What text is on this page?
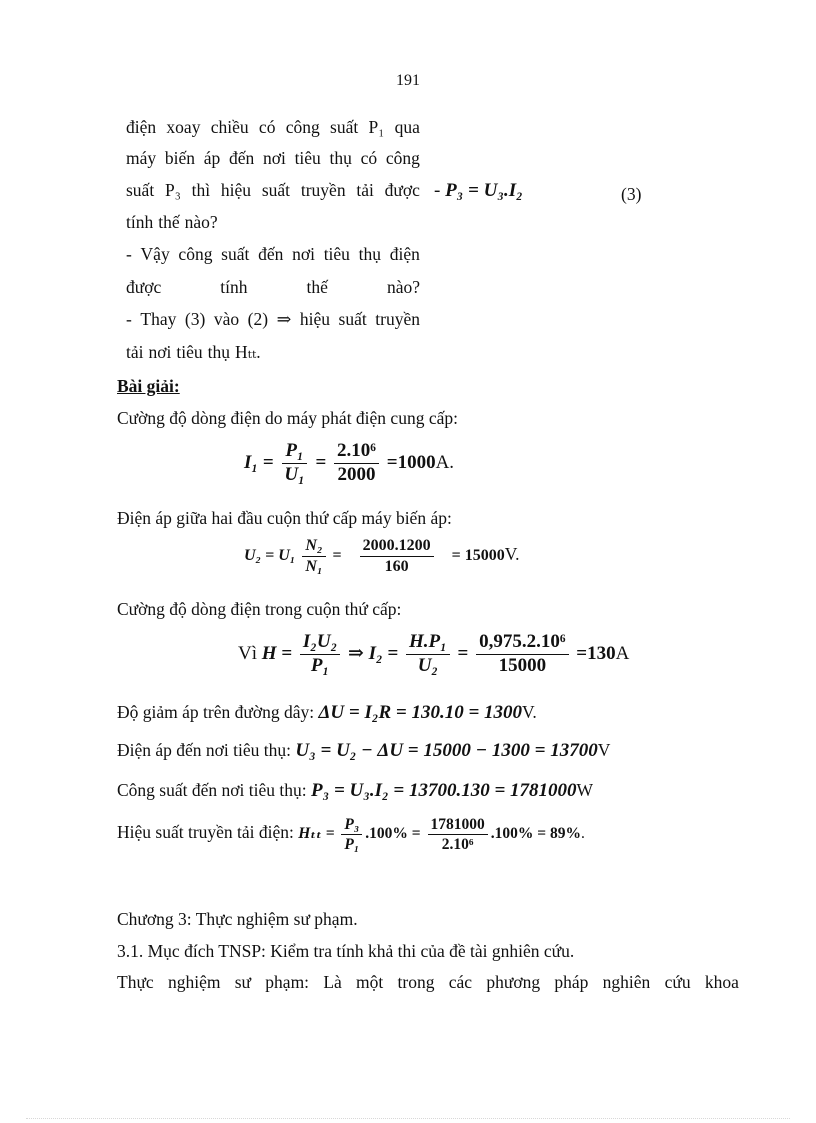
191
điện xoay chiều có công suất P₁ qua
máy biến áp đến nơi tiêu thụ có công
suất P₃ thì hiệu suất truyền tải được
tính thế nào?
- Vậy công suất đến nơi tiêu thụ điện
được	tính	thế	nào?
- Thay (3) vào (2) ⇒ hiệu suất truyền
tải nơi tiêu thụ Hₜₜ.
- P₃ = U₃.I₂	(3)
Bài giải:
Cường độ dòng điện do máy phát điện cung cấp:
$I_1 = \frac{\text{P₁}}{\text{U₁}} = \frac{\text{2.10⁶}}{2000} =1000A$.
Điện áp giữa hai đầu cuộn thứ cấp máy biến áp:
$U_2 = U_1 \frac{\text{N₂}}{\text{N₁}} = \frac{2000.1200}{160} = 15000V$.
Cường độ dòng điện trong cuộn thứ cấp:
Vì $H = \frac{\text{I₂U₂}}{\text{P₁}}$ ⇒ $I_2 = \frac{\text{H.P₁}}{\text{U₂}} = \frac{\text{0,975.2.10⁶}}{15000} =130A$
Độ giảm áp trên đường dây: ΔU = I₂R = 130.10 = 1300V.
Điện áp đến nơi tiêu thụ: U₃ = U₂ − ΔU = 15000 − 1300 = 13700V
Công suất đến nơi tiêu thụ: P₃ = U₃.I₂ = 13700.130 = 1781000W
Hiệu suất truyền tải điện: $H_{tt} = \frac{\text{P₃}}{\text{P₁}} .100\% = \frac{1781000}{\text{2.10⁶}} .100\% = 89\%$.
Chương 3: Thực nghiệm sư phạm.
3.1. Mục đích TNSP: Kiểm tra tính khả thi của đề tài gnhiên cứu.
Thực nghiệm sư phạm: Là một trong các phương pháp nghiên cứu khoa
